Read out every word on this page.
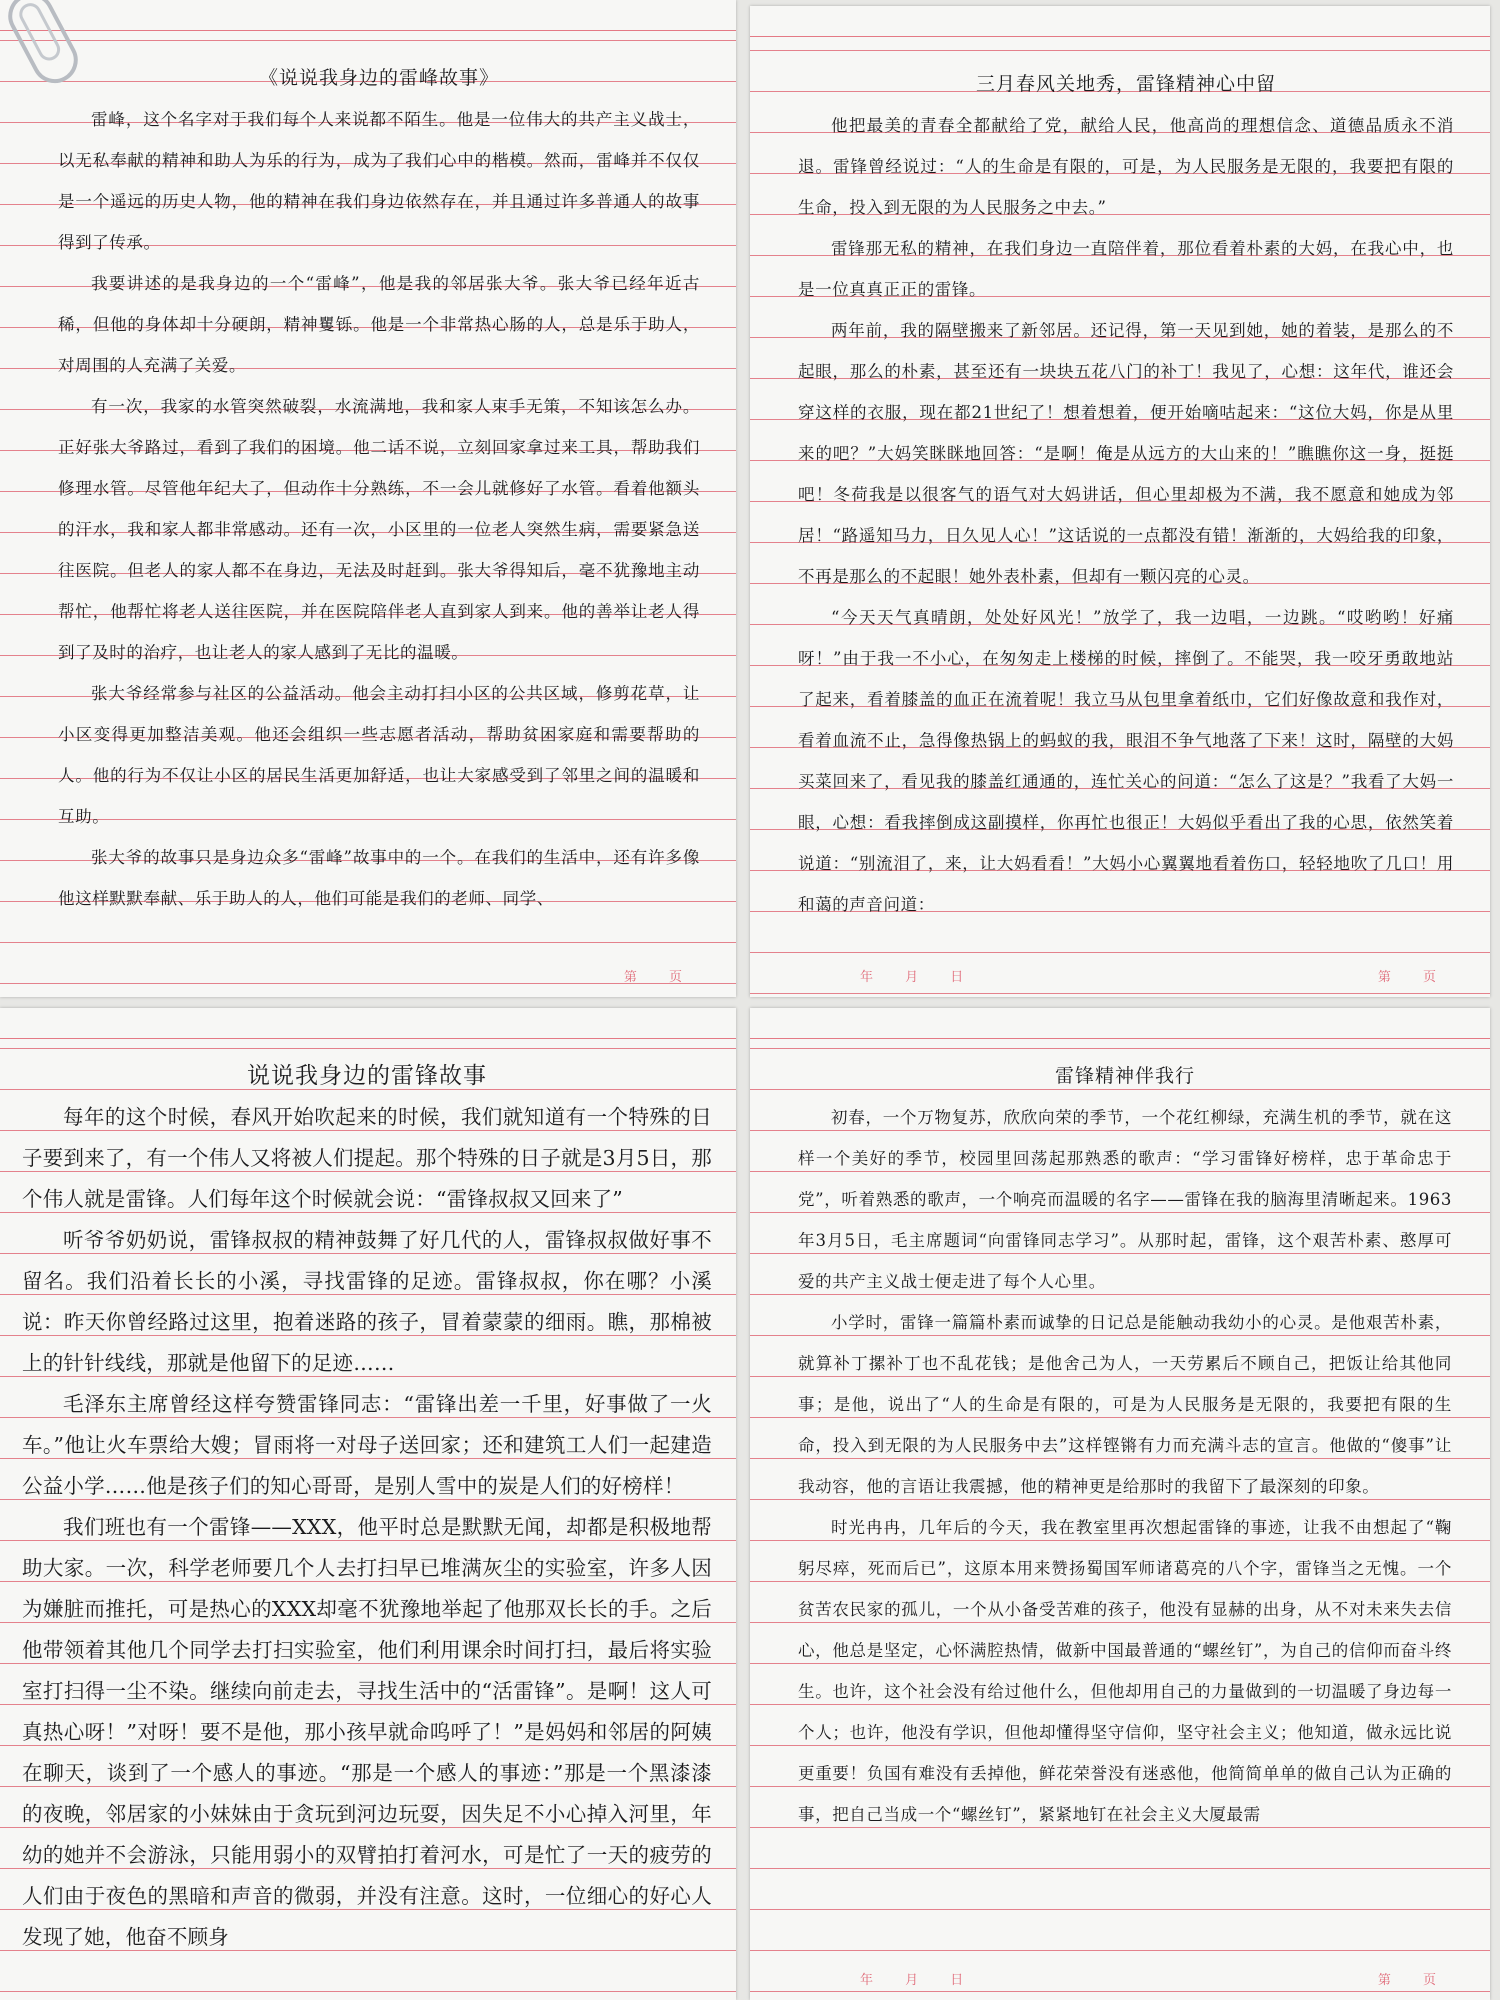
《说说我身边的雷峰故事》

雷峰，这个名字对于我们每个人来说都不陌生。他是一位伟大的共产主义战士，以无私奉献的精神和助人为乐的行为，成为了我们心中的楷模。然而，雷峰并不仅仅是一个遥远的历史人物，他的精神在我们身边依然存在，并且通过许多普通人的故事得到了传承。

我要讲述的是我身边的一个“雷峰”，他是我的邻居张大爷。张大爷已经年近古稀，但他的身体却十分硬朗，精神矍铄。他是一个非常热心肠的人，总是乐于助人，对周围的人充满了关爱。

有一次，我家的水管突然破裂，水流满地，我和家人束手无策，不知该怎么办。正好张大爷路过，看到了我们的困境。他二话不说，立刻回家拿过来工具，帮助我们修理水管。尽管他年纪大了，但动作十分熟练，不一会儿就修好了水管。看着他额头的汗水，我和家人都非常感动。还有一次，小区里的一位老人突然生病，需要紧急送往医院。但老人的家人都不在身边，无法及时赶到。张大爷得知后，毫不犹豫地主动帮忙，他帮忙将老人送往医院，并在医院陪伴老人直到家人到来。他的善举让老人得到了及时的治疗，也让老人的家人感到了无比的温暖。

张大爷经常参与社区的公益活动。他会主动打扫小区的公共区域，修剪花草，让小区变得更加整洁美观。他还会组织一些志愿者活动，帮助贫困家庭和需要帮助的人。他的行为不仅让小区的居民生活更加舒适，也让大家感受到了邻里之间的温暖和互助。

张大爷的故事只是身边众多“雷峰”故事中的一个。在我们的生活中，还有许多像他这样默默奉献、乐于助人的人，他们可能是我们的老师、同学、

第 页
三月春风关地秀，雷锋精神心中留

他把最美的青春全都献给了党，献给人民，他高尚的理想信念、道德品质永不消退。雷锋曾经说过：“人的生命是有限的，可是，为人民服务是无限的，我要把有限的生命，投入到无限的为人民服务之中去。”

雷锋那无私的精神，在我们身边一直陪伴着，那位看着朴素的大妈，在我心中，也是一位真真正正的雷锋。

两年前，我的隔壁搬来了新邻居。还记得，第一天见到她，她的着装，是那么的不起眼，那么的朴素，甚至还有一块块五花八门的补丁！我见了，心想：这年代，谁还会穿这样的衣服，现在都21世纪了！想着想着，便开始嘀咕起来：“这位大妈，你是从里来的吧？”大妈笑眯眯地回答：“是啊！俺是从远方的大山来的！”瞧瞧你这一身，挺挺吧！冬荷我是以很客气的语气对大妈讲话，但心里却极为不满，我不愿意和她成为邻居！“路遥知马力，日久见人心！”这话说的一点都没有错！渐渐的，大妈给我的印象，不再是那么的不起眼！她外表朴素，但却有一颗闪亮的心灵。

“今天天气真晴朗，处处好风光！”放学了，我一边唱，一边跳。“哎哟哟！好痛呀！”由于我一不小心，在匆匆走上楼梯的时候，摔倒了。不能哭，我一咬牙勇敢地站了起来，看着膝盖的血正在流着呢！我立马从包里拿着纸巾，它们好像故意和我作对，看着血流不止，急得像热锅上的蚂蚁的我，眼泪不争气地落了下来！这时，隔壁的大妈买菜回来了，看见我的膝盖红通通的，连忙关心的问道：“怎么了这是？”我看了大妈一眼，心想：看我摔倒成这副摸样，你再忙也很正！大妈似乎看出了我的心思，依然笑着说道：“别流泪了，来，让大妈看看！”大妈小心翼翼地看着伤口，轻轻地吹了几口！用和蔼的声音问道：

年 月 日	第 页
说说我身边的雷锋故事

每年的这个时候，春风开始吹起来的时候，我们就知道有一个特殊的日子要到来了，有一个伟人又将被人们提起。那个特殊的日子就是3月5日，那个伟人就是雷锋。人们每年这个时候就会说：“雷锋叔叔又回来了”

听爷爷奶奶说，雷锋叔叔的精神鼓舞了好几代的人，雷锋叔叔做好事不留名。我们沿着长长的小溪，寻找雷锋的足迹。雷锋叔叔，你在哪？小溪说：昨天你曾经路过这里，抱着迷路的孩子，冒着蒙蒙的细雨。瞧，那棉被上的针针线线，那就是他留下的足迹……

毛泽东主席曾经这样夸赞雷锋同志：“雷锋出差一千里，好事做了一火车。”他让火车票给大嫂；冒雨将一对母子送回家；还和建筑工人们一起建造公益小学……他是孩子们的知心哥哥，是别人雪中的炭是人们的好榜样！

我们班也有一个雷锋——XXX，他平时总是默默无闻，却都是积极地帮助大家。一次，科学老师要几个人去打扫早已堆满灰尘的实验室，许多人因为嫌脏而推托，可是热心的XXX却毫不犹豫地举起了他那双长长的手。之后他带领着其他几个同学去打扫实验室，他们利用课余时间打扫，最后将实验室打扫得一尘不染。继续向前走去，寻找生活中的“活雷锋”。是啊！这人可真热心呀！”对呀！要不是他，那小孩早就命呜呼了！”是妈妈和邻居的阿姨在聊天，谈到了一个感人的事迹。“那是一个感人的事迹：”那是一个黑漆漆的夜晚，邻居家的小妹妹由于贪玩到河边玩耍，因失足不小心掉入河里，年幼的她并不会游泳，只能用弱小的双臂拍打着河水，可是忙了一天的疲劳的人们由于夜色的黑暗和声音的微弱，并没有注意。这时，一位细心的好心人发现了她，他奋不顾身

雷锋精神伴我行

初春，一个万物复苏，欣欣向荣的季节，一个花红柳绿，充满生机的季节，就在这样一个美好的季节，校园里回荡起那熟悉的歌声：“学习雷锋好榜样，忠于革命忠于党”，听着熟悉的歌声，一个响亮而温暖的名字——雷锋在我的脑海里清晰起来。1963年3月5日，毛主席题词“向雷锋同志学习”。从那时起，雷锋，这个艰苦朴素、憨厚可爱的共产主义战士便走进了每个人心里。

小学时，雷锋一篇篇朴素而诚挚的日记总是能触动我幼小的心灵。是他艰苦朴素，就算补丁摞补丁也不乱花钱；是他舍己为人，一天劳累后不顾自己，把饭让给其他同事；是他，说出了“人的生命是有限的，可是为人民服务是无限的，我要把有限的生命，投入到无限的为人民服务中去”这样铿锵有力而充满斗志的宣言。他做的“傻事”让我动容，他的言语让我震撼，他的精神更是给那时的我留下了最深刻的印象。

时光冉冉，几年后的今天，我在教室里再次想起雷锋的事迹，让我不由想起了“鞠躬尽瘁，死而后已”，这原本用来赞扬蜀国军师诸葛亮的八个字，雷锋当之无愧。一个贫苦农民家的孤儿，一个从小备受苦难的孩子，他没有显赫的出身，从不对未来失去信心，他总是坚定，心怀满腔热情，做新中国最普通的“螺丝钉”，为自己的信仰而奋斗终生。也许，这个社会没有给过他什么，但他却用自己的力量做到的一切温暖了身边每一个人；也许，他没有学识，但他却懂得坚守信仰，坚守社会主义；他知道，做永远比说更重要！负国有难没有丢掉他，鲜花荣誉没有迷惑他，他简简单单的做自己认为正确的事，把自己当成一个“螺丝钉”，紧紧地钉在社会主义大厦最需

年 月 日	第 页
